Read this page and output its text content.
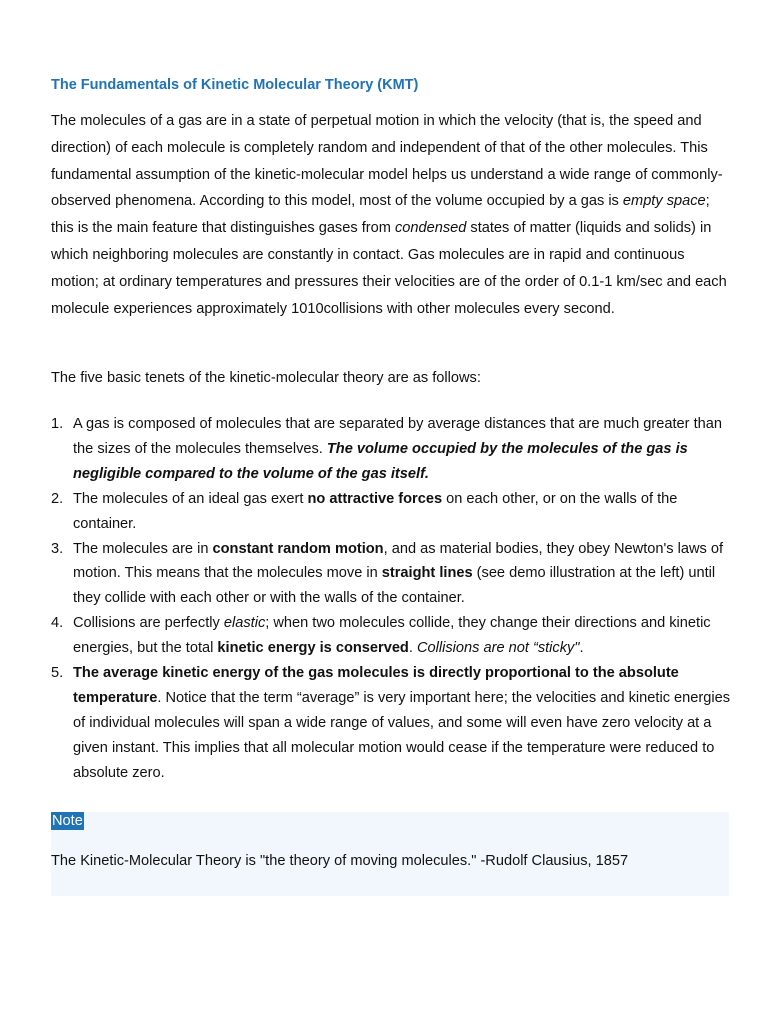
The Fundamentals of Kinetic Molecular Theory (KMT)

The molecules of a gas are in a state of perpetual motion in which the velocity (that is, the speed and direction) of each molecule is completely random and independent of that of the other molecules. This fundamental assumption of the kinetic-molecular model helps us understand a wide range of commonly-observed phenomena. According to this model, most of the volume occupied by a gas is empty space; this is the main feature that distinguishes gases from condensed states of matter (liquids and solids) in which neighboring molecules are constantly in contact. Gas molecules are in rapid and continuous motion; at ordinary temperatures and pressures their velocities are of the order of 0.1-1 km/sec and each molecule experiences approximately 1010collisions with other molecules every second.

The five basic tenets of the kinetic-molecular theory are as follows:

1. A gas is composed of molecules that are separated by average distances that are much greater than the sizes of the molecules themselves. The volume occupied by the molecules of the gas is negligible compared to the volume of the gas itself.
2. The molecules of an ideal gas exert no attractive forces on each other, or on the walls of the container.
3. The molecules are in constant random motion, and as material bodies, they obey Newton's laws of motion. This means that the molecules move in straight lines (see demo illustration at the left) until they collide with each other or with the walls of the container.
4. Collisions are perfectly elastic; when two molecules collide, they change their directions and kinetic energies, but the total kinetic energy is conserved. Collisions are not “sticky".
5. The average kinetic energy of the gas molecules is directly proportional to the absolute temperature. Notice that the term “average” is very important here; the velocities and kinetic energies of individual molecules will span a wide range of values, and some will even have zero velocity at a given instant. This implies that all molecular motion would cease if the temperature were reduced to absolute zero.
Note

The Kinetic-Molecular Theory is "the theory of moving molecules." -Rudolf Clausius, 1857
